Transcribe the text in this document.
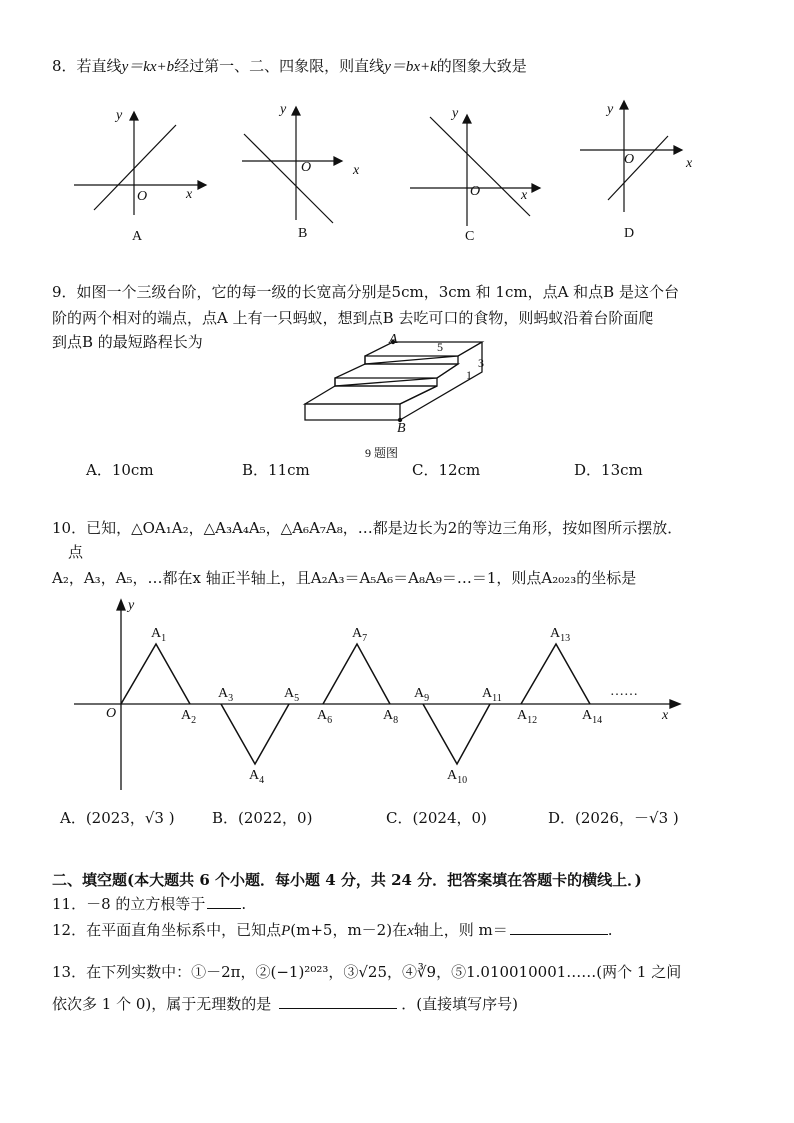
8．若直线y＝kx+b经过第一、二、四象限，则直线y＝bx+k的图象大致是
y
O	x
A
y
O	x
B
y
O	x
C
y
O	x
D
9．如图一个三级台阶，它的每一级的长宽高分别是5cm，3cm 和 1cm，点A 和点B 是这个台
阶的两个相对的端点，点A 上有一只蚂蚁，想到点B 去吃可口的食物，则蚂蚁沿着台阶面爬
到点B 的最短路程长为	A
B
5
3
1
9 题图
A．10cm	B．11cm	C．12cm	D．13cm
10．已知，△OA₁A₂，△A₃A₄A₅，△A₆A₇A₈，…都是边长为2的等边三角形，按如图所示摆放．
点
A₂，A₃，A₅，…都在x 轴正半轴上，且A₂A₃＝A₅A₆＝A₈A₉＝…＝1，则点A₂₀₂₃的坐标是
y
O	x
……
$A_1$
$A_2$
$A_3$
$A_4$
$A_5$
$A_6$
$A_7$
$A_8$
$A_9$
$A_{10}$
$A_{11}$
$A_{12}$
$A_{13}$
$A_{14}$
A．(2023，√3 ) B．(2022，0)	C．(2024，0)	D．(2026，－√3 )
二、填空题(本大题共 6 个小题．每小题 4 分，共 24 分．把答案填在答题卡的横线上．)
11．－8 的立方根等于 .
12．在平面直角坐标系中，已知点P(m+5，m－2)在x轴上，则 m＝	.
13．在下列实数中：①－2π，②(−1)²⁰²³，③√25，④∛9，⑤1.010010001……(两个 1 之间
依次多 1 个 0)，属于无理数的是	．(直接填写序号)
